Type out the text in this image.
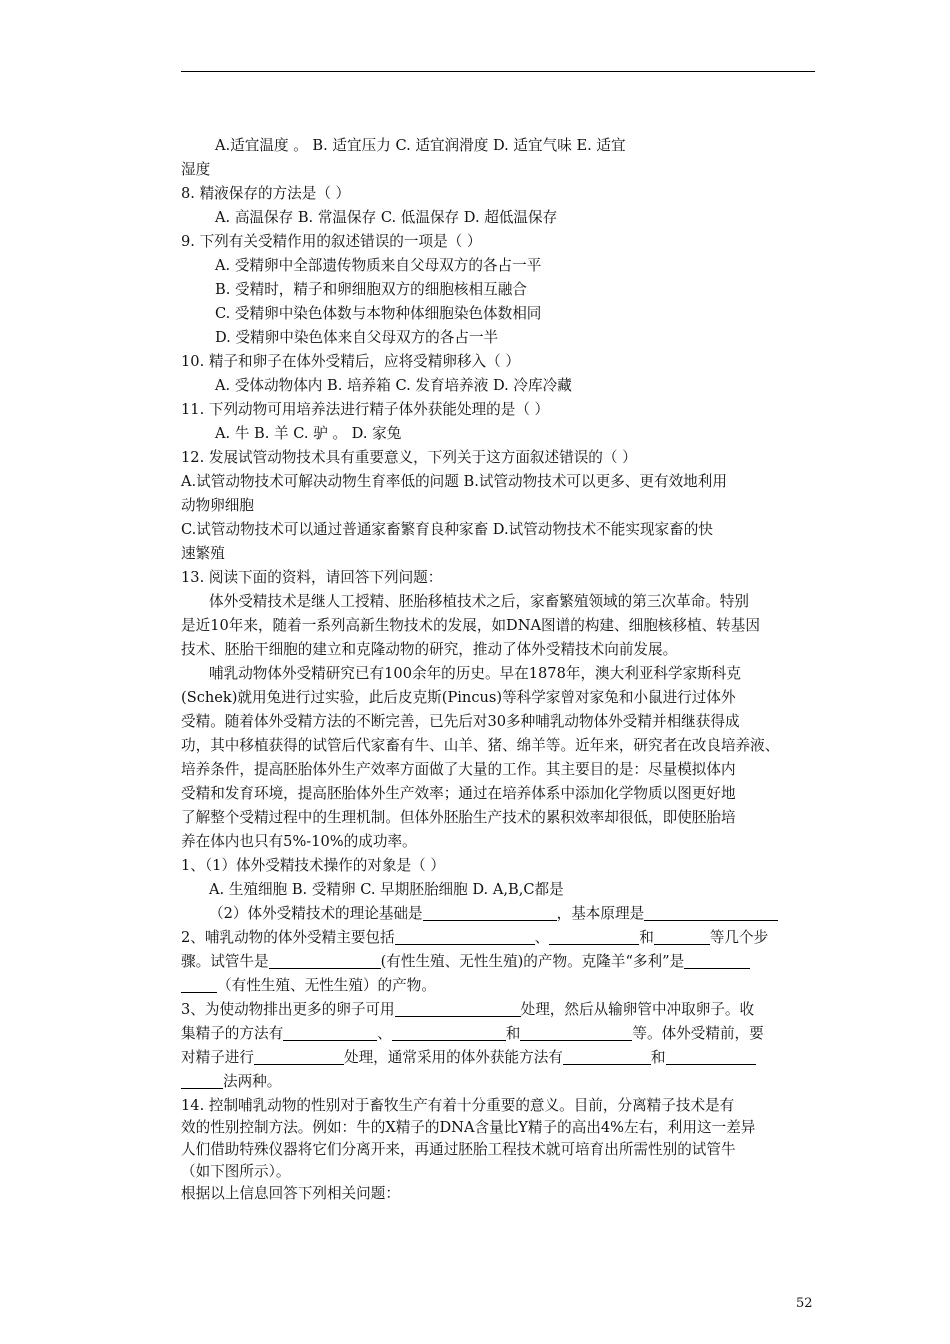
A.适宜温度 。 B. 适宜压力 C. 适宜润滑度 D. 适宜气味 E. 适宜
湿度
8. 精液保存的方法是（ ）
A. 高温保存 B. 常温保存 C. 低温保存 D. 超低温保存
9. 下列有关受精作用的叙述错误的一项是（ ）
A. 受精卵中全部遗传物质来自父母双方的各占一平
B. 受精时，精子和卵细胞双方的细胞核相互融合
C. 受精卵中染色体数与本物种体细胞染色体数相同
D. 受精卵中染色体来自父母双方的各占一半
10. 精子和卵子在体外受精后，应将受精卵移入（ ）
A. 受体动物体内 B. 培养箱 C. 发育培养液 D. 冷库冷藏
11. 下列动物可用培养法进行精子体外获能处理的是（ ）
A. 牛 B. 羊 C. 驴 。 D. 家兔
12. 发展试管动物技术具有重要意义，下列关于这方面叙述错误的（ ）
A.试管动物技术可解决动物生育率低的问题 B.试管动物技术可以更多、更有效地利用
动物卵细胞
C.试管动物技术可以通过普通家畜繁育良种家畜 D.试管动物技术不能实现家畜的快
速繁殖
13. 阅读下面的资料，请回答下列问题：
体外受精技术是继人工授精、胚胎移植技术之后，家畜繁殖领域的第三次革命。特别
是近10年来，随着一系列高新生物技术的发展，如DNA图谱的构建、细胞核移植、转基因
技术、胚胎干细胞的建立和克隆动物的研究，推动了体外受精技术向前发展。
哺乳动物体外受精研究已有100余年的历史。早在1878年，澳大利亚科学家斯科克
(Schek)就用兔进行过实验，此后皮克斯(Pincus)等科学家曾对家兔和小鼠进行过体外
受精。随着体外受精方法的不断完善，已先后对30多种哺乳动物体外受精并相继获得成
功，其中移植获得的试管后代家畜有牛、山羊、猪、绵羊等。近年来，研究者在改良培养液、
培养条件，提高胚胎体外生产效率方面做了大量的工作。其主要目的是：尽量模拟体内
受精和发育环境，提高胚胎体外生产效率；通过在培养体系中添加化学物质以图更好地
了解整个受精过程中的生理机制。但体外胚胎生产技术的累积效率却很低，即使胚胎培
养在体内也只有5%-10%的成功率。
1、（1）体外受精技术操作的对象是（ ）
A. 生殖细胞 B. 受精卵 C. 早期胚胎细胞 D. A,B,C都是
（2）体外受精技术的理论基础是	，基本原理是
2、哺乳动物的体外受精主要包括	、	和	等几个步
骤。试管牛是	(有性生殖、无性生殖)的产物。克隆羊“多利”是
（有性生殖、无性生殖）的产物。
3、为使动物排出更多的卵子可用	处理，然后从输卵管中冲取卵子。收
集精子的方法有	、	和	等。体外受精前，要
对精子进行	处理，通常采用的体外获能方法有	和
法两种。
14. 控制哺乳动物的性别对于畜牧生产有着十分重要的意义。目前，分离精子技术是有
效的性别控制方法。例如：牛的X精子的DNA含量比Y精子的高出4%左右，利用这一差异
人们借助特殊仪器将它们分离开来，再通过胚胎工程技术就可培育出所需性别的试管牛
（如下图所示）。
根据以上信息回答下列相关问题：
52
